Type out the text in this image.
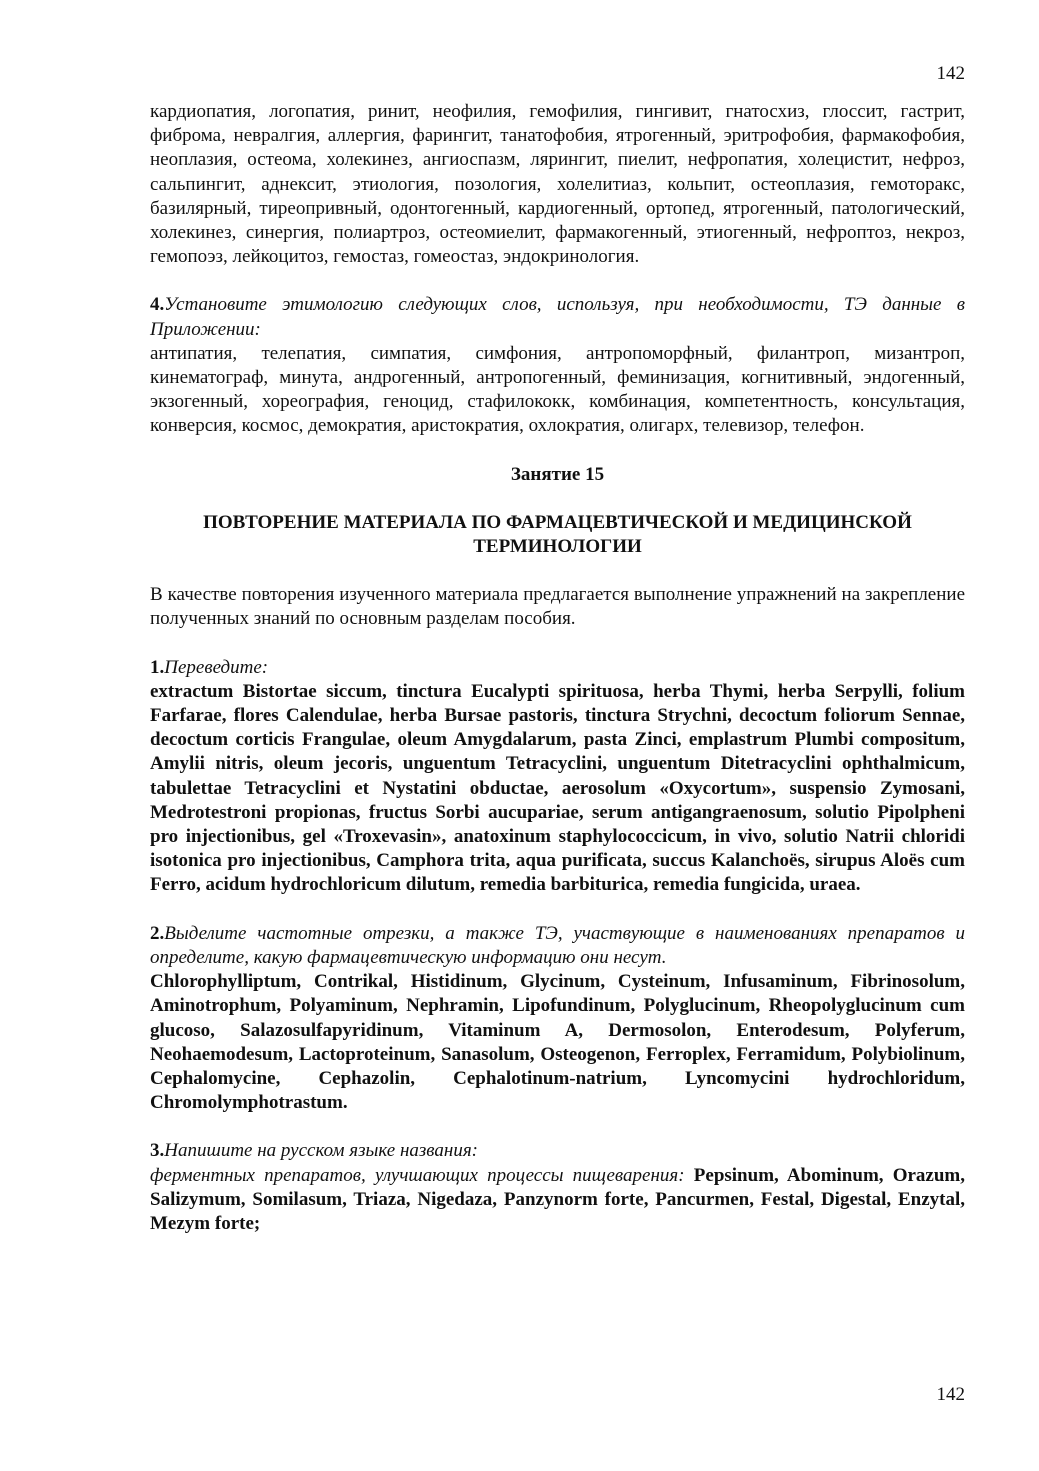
142

кардиопатия, логопатия, ринит, неофилия, гемофилия, гингивит, гнатосхиз, глоссит, гастрит, фиброма, невралгия, аллергия, фарингит, танатофобия, ятрогенный, эритрофобия, фармакофобия, неоплазия, остеома, холекинез, ангиоспазм, лярингит, пиелит, нефропатия, холецистит, нефроз, сальпингит, аднексит, этиология, позология, холелитиаз, кольпит, остеоплазия, гемоторакс, базилярный, тиреопривный, одонтогенный, кардиогенный, ортопед, ятрогенный, патологический, холекинез, синергия, полиартроз, остеомиелит, фармакогенный, этиогенный, нефроптоз, некроз, гемопоэз, лейкоцитоз, гемостаз, гомеостаз, эндокринология.

4.Установите этимологию следующих слов, используя, при необходимости, ТЭ данные в Приложении:

антипатия, телепатия, симпатия, симфония, антропоморфный, филантроп, мизантроп, кинематограф, минута, андрогенный, антропогенный, феминизация, когнитивный, эндогенный, экзогенный, хореография, геноцид, стафилококк, комбинация, компетентность, консультация, конверсия, космос, демократия, аристократия, охлократия, олигарх, телевизор, телефон.

Занятие 15

ПОВТОРЕНИЕ МАТЕРИАЛА ПО ФАРМАЦЕВТИЧЕСКОЙ И МЕДИЦИНСКОЙ ТЕРМИНОЛОГИИ

В качестве повторения изученного материала предлагается выполнение упражнений на закрепление полученных знаний по основным разделам пособия.

1.Переведите:

extractum Bistortae siccum, tinctura Eucalypti spirituosa, herba Thymi, herba Serpylli, folium Farfarae, flores Calendulae, herba Bursae pastoris, tinctura Strychni, decoctum foliorum Sennae, decoctum corticis Frangulae, oleum Amygdalarum, pasta Zinci, emplastrum Plumbi compositum, Amylii nitris, oleum jecoris, unguentum Tetracyclini, unguentum Ditetracyclini ophthalmicum, tabulettae Tetracyclini et Nystatini obductae, aerosolum «Oxycortum», suspensio Zymosani, Medrotestroni propionas, fructus Sorbi aucupariae, serum antigangraenosum, solutio Pipolpheni pro injectionibus, gel «Troxevasin», anatoxinum staphylococcicum, in vivo, solutio Natrii chloridi isotonica pro injectionibus, Camphora trita, aqua purificata, succus Kalanchoës, sirupus Aloës cum Ferro, acidum hydrochloricum dilutum, remedia barbiturica, remedia fungicida, uraea.

2.Выделите частотные отрезки, а также ТЭ, участвующие в наименованиях препаратов и определите, какую фармацевтическую информацию они несут.

Chlorophylliptum, Contrikal, Histidinum, Glycinum, Cysteinum, Infusaminum, Fibrinosolum, Aminotrophum, Polyaminum, Nephramin, Lipofundinum, Polyglucinum, Rheopolyglucinum cum glucoso, Salazosulfapyridinum, Vitaminum A, Dermosolon, Enterodesum, Polyferum, Neohaemodesum, Lactoproteinum, Sanasolum, Osteogenon, Ferroplex, Ferramidum, Polybiolinum, Cephalomycine, Cephazolin, Cephalotinum-natrium, Lyncomycini hydrochloridum, Chromolymphotrastum.

3.Напишите на русском языке названия:

ферментных препаратов, улучшающих процессы пищеварения: Pepsinum, Abominum, Orazum, Salizymum, Somilasum, Triaza, Nigedaza, Panzynorm forte, Pancurmen, Festal, Digestal, Enzytal, Mezym forte;

142
